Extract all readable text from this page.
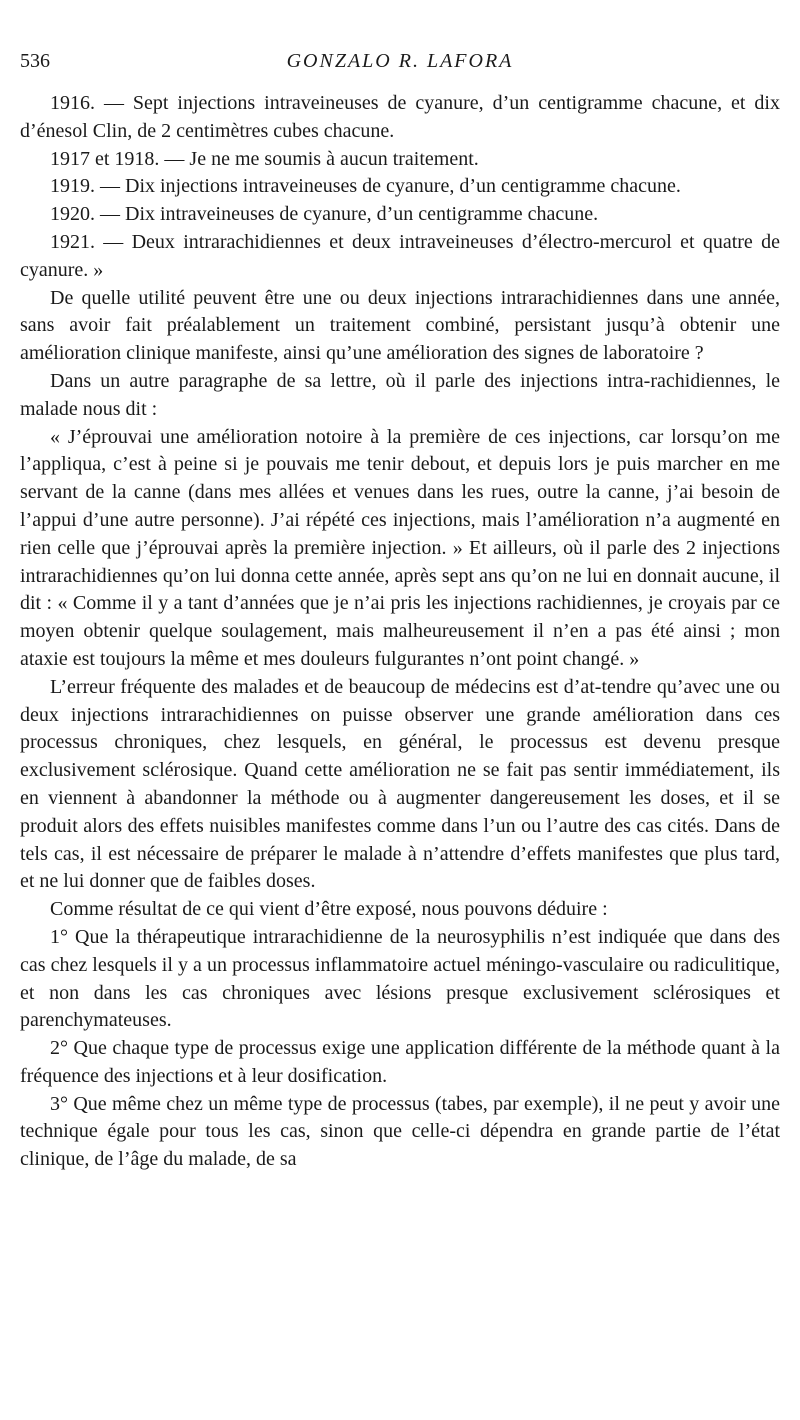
536	GONZALO R. LAFORA

1916. — Sept injections intraveineuses de cyanure, d’un centigramme chacune, et dix d’énesol Clin, de 2 centimètres cubes chacune.

1917 et 1918. — Je ne me soumis à aucun traitement.

1919. — Dix injections intraveineuses de cyanure, d’un centigramme chacune.

1920. — Dix intraveineuses de cyanure, d’un centigramme chacune.

1921. — Deux intrarachidiennes et deux intraveineuses d’électro-mercurol et quatre de cyanure. »

De quelle utilité peuvent être une ou deux injections intrarachidiennes dans une année, sans avoir fait préalablement un traitement combiné, persistant jusqu’à obtenir une amélioration clinique manifeste, ainsi qu’une amélioration des signes de laboratoire ?

Dans un autre paragraphe de sa lettre, où il parle des injections intra-rachidiennes, le malade nous dit :

« J’éprouvai une amélioration notoire à la première de ces injections, car lorsqu’on me l’appliqua, c’est à peine si je pouvais me tenir debout, et depuis lors je puis marcher en me servant de la canne (dans mes allées et venues dans les rues, outre la canne, j’ai besoin de l’appui d’une autre personne). J’ai répété ces injections, mais l’amélioration n’a augmenté en rien celle que j’éprouvai après la première injection. » Et ailleurs, où il parle des 2 injections intrarachidiennes qu’on lui donna cette année, après sept ans qu’on ne lui en donnait aucune, il dit : « Comme il y a tant d’années que je n’ai pris les injections rachidiennes, je croyais par ce moyen obtenir quelque soulagement, mais malheureusement il n’en a pas été ainsi ; mon ataxie est toujours la même et mes douleurs fulgurantes n’ont point changé. »

L’erreur fréquente des malades et de beaucoup de médecins est d’at-tendre qu’avec une ou deux injections intrarachidiennes on puisse observer une grande amélioration dans ces processus chroniques, chez lesquels, en général, le processus est devenu presque exclusivement sclérosique. Quand cette amélioration ne se fait pas sentir immédiatement, ils en viennent à abandonner la méthode ou à augmenter dangereusement les doses, et il se produit alors des effets nuisibles manifestes comme dans l’un ou l’autre des cas cités. Dans de tels cas, il est nécessaire de préparer le malade à n’attendre d’effets manifestes que plus tard, et ne lui donner que de faibles doses.

Comme résultat de ce qui vient d’être exposé, nous pouvons déduire :

1° Que la thérapeutique intrarachidienne de la neurosyphilis n’est indiquée que dans des cas chez lesquels il y a un processus inflammatoire actuel méningo-vasculaire ou radiculitique, et non dans les cas chroniques avec lésions presque exclusivement sclérosiques et parenchymateuses.

2° Que chaque type de processus exige une application différente de la méthode quant à la fréquence des injections et à leur dosification.

3° Que même chez un même type de processus (tabes, par exemple), il ne peut y avoir une technique égale pour tous les cas, sinon que celle-ci dépendra en grande partie de l’état clinique, de l’âge du malade, de sa
